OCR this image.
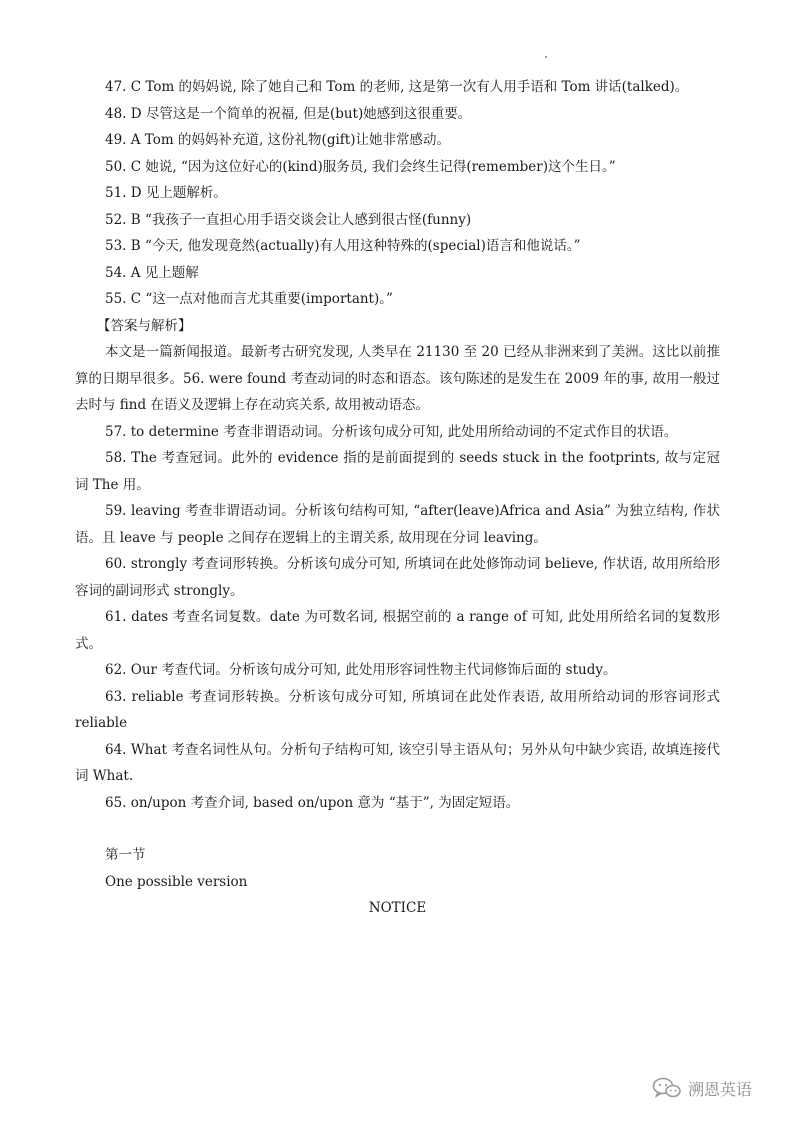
47. C Tom 的妈妈说, 除了她自己和 Tom 的老师, 这是第一次有人用手语和 Tom 讲话(talked)。

48. D 尽管这是一个简单的祝福, 但是(but)她感到这很重要。

49. A Tom 的妈妈补充道, 这份礼物(gift)让她非常感动。

50. C 她说, “因为这位好心的(kind)服务员, 我们会终生记得(remember)这个生日。”

51. D 见上题解析。

52. B “我孩子一直担心用手语交谈会让人感到很古怪(funny)

53. B “今天, 他发现竟然(actually)有人用这种特殊的(special)语言和他说话。”

54. A 见上题解

55. C “这一点对他而言尤其重要(important)。”

【答案与解析】

本文是一篇新闻报道。最新考古研究发现, 人类早在 21130 至 20 已经从非洲来到了美洲。这比以前推算的日期早很多。56. were found 考查动词的时态和语态。该句陈述的是发生在 2009 年的事, 故用一般过去时与 find 在语义及逻辑上存在动宾关系, 故用被动语态。

57. to determine 考查非谓语动词。分析该句成分可知, 此处用所给动词的不定式作目的状语。

58. The 考查冠词。此外的 evidence 指的是前面提到的 seeds stuck in the footprints, 故与定冠词 The 用。

59. leaving 考查非谓语动词。分析该句结构可知, “after(leave)Africa and Asia” 为独立结构, 作状语。且 leave 与 people 之间存在逻辑上的主谓关系, 故用现在分词 leaving。

60. strongly 考查词形转换。分析该句成分可知, 所填词在此处修饰动词 believe, 作状语, 故用所给形容词的副词形式 strongly。

61. dates 考查名词复数。date 为可数名词, 根据空前的 a range of 可知, 此处用所给名词的复数形式。

62. Our 考查代词。分析该句成分可知, 此处用形容词性物主代词修饰后面的 study。

63. reliable 考查词形转换。分析该句成分可知, 所填词在此处作表语, 故用所给动词的形容词形式 reliable

64. What 考查名词性从句。分析句子结构可知, 该空引导主语从句；另外从句中缺少宾语, 故填连接代词 What.

65. on/upon 考查介词, based on/upon 意为 “基于”, 为固定短语。

第一节

One possible version

NOTICE

溯恩英语
